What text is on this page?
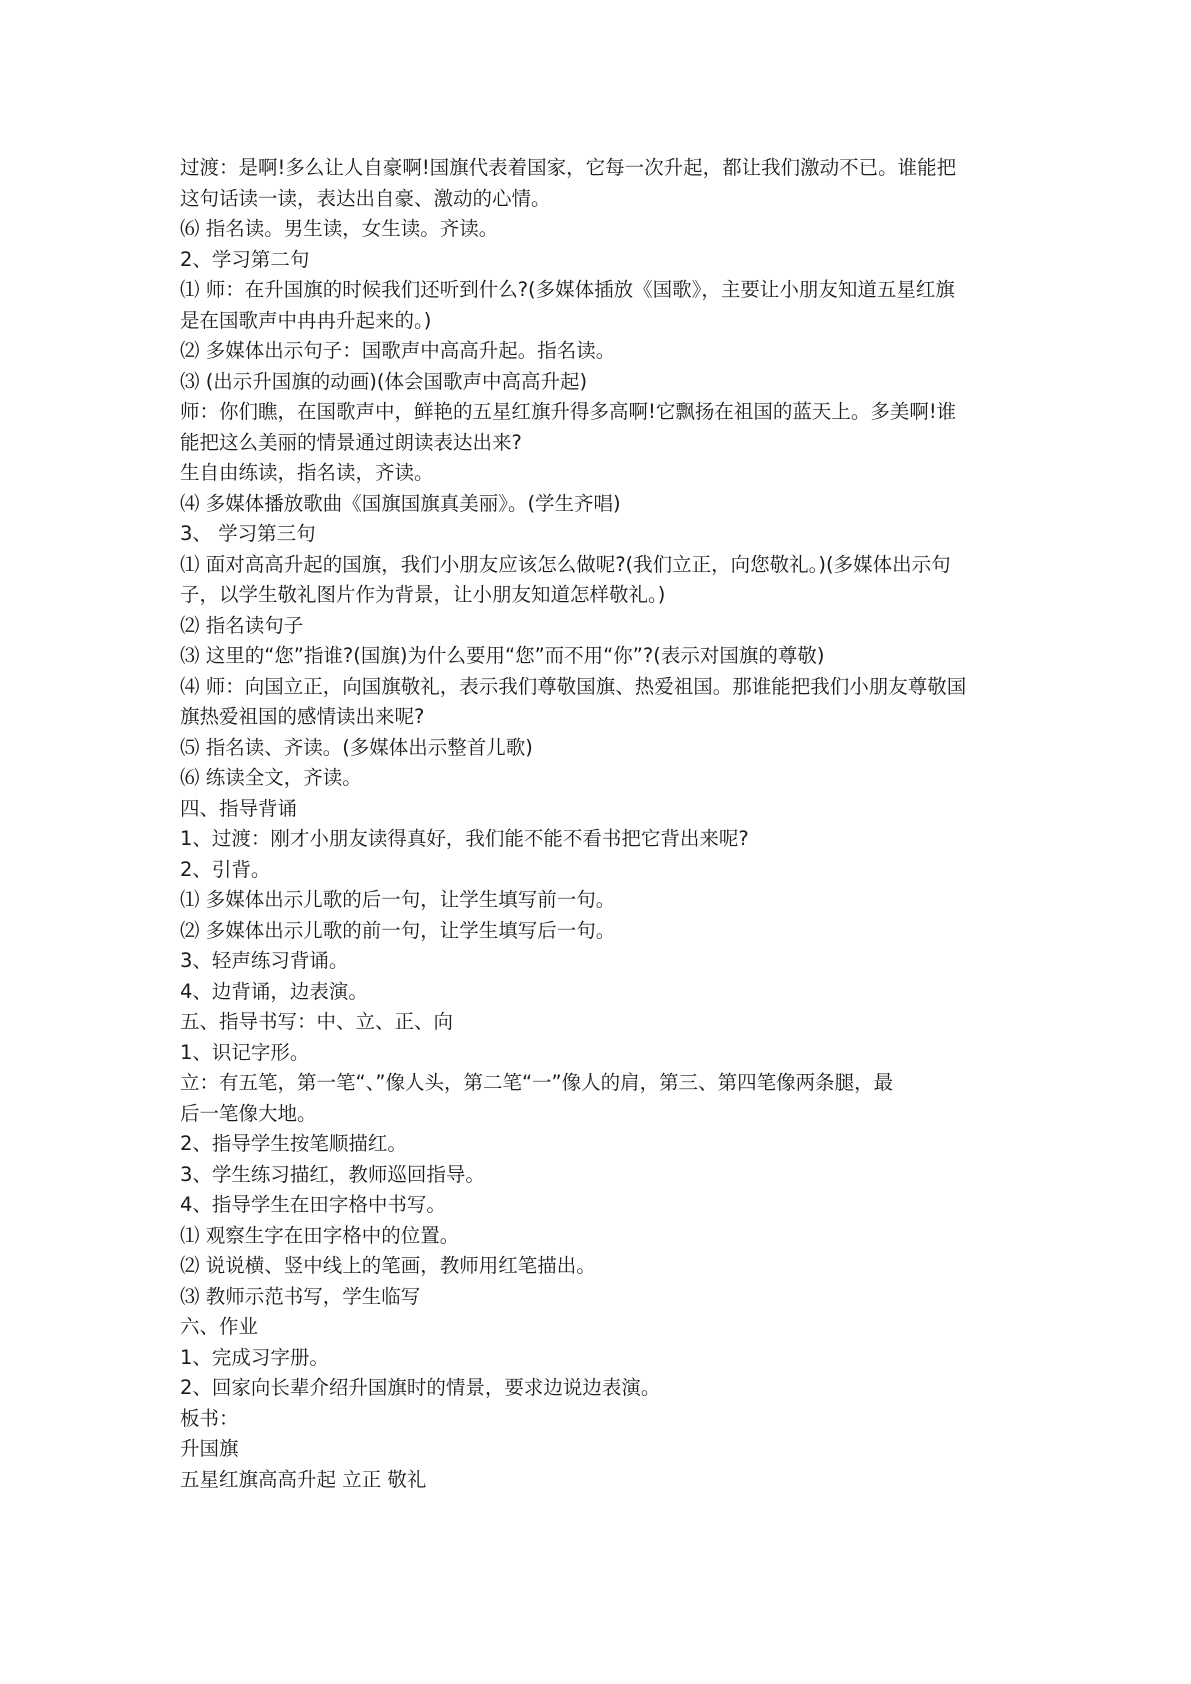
过渡：是啊!多么让人自豪啊!国旗代表着国家，它每一次升起，都让我们激动不已。谁能把
这句话读一读，表达出自豪、激动的心情。
⑹ 指名读。男生读，女生读。齐读。
2、学习第二句
⑴ 师：在升国旗的时候我们还听到什么?(多媒体插放《国歌》，主要让小朋友知道五星红旗
是在国歌声中冉冉升起来的。)
⑵ 多媒体出示句子：国歌声中高高升起。指名读。
⑶ (出示升国旗的动画)(体会国歌声中高高升起)
师：你们瞧，在国歌声中，鲜艳的五星红旗升得多高啊!它飘扬在祖国的蓝天上。多美啊!谁
能把这么美丽的情景通过朗读表达出来?
生自由练读，指名读，齐读。
⑷ 多媒体播放歌曲《国旗国旗真美丽》。(学生齐唱)
3、 学习第三句
⑴ 面对高高升起的国旗，我们小朋友应该怎么做呢?(我们立正，向您敬礼。)(多媒体出示句
子，以学生敬礼图片作为背景，让小朋友知道怎样敬礼。)
⑵ 指名读句子
⑶ 这里的“您”指谁?(国旗)为什么要用“您”而不用“你”?(表示对国旗的尊敬)
⑷ 师：向国立正，向国旗敬礼，表示我们尊敬国旗、热爱祖国。那谁能把我们小朋友尊敬国
旗热爱祖国的感情读出来呢?
⑸ 指名读、齐读。(多媒体出示整首儿歌)
⑹ 练读全文，齐读。
四、指导背诵
1、过渡：刚才小朋友读得真好，我们能不能不看书把它背出来呢?
2、引背。
⑴ 多媒体出示儿歌的后一句，让学生填写前一句。
⑵ 多媒体出示儿歌的前一句，让学生填写后一句。
3、轻声练习背诵。
4、边背诵，边表演。
五、指导书写：中、立、正、向
1、识记字形。
立：有五笔，第一笔“、”像人头，第二笔“一”像人的肩，第三、第四笔像两条腿，最
后一笔像大地。
2、指导学生按笔顺描红。
3、学生练习描红，教师巡回指导。
4、指导学生在田字格中书写。
⑴ 观察生字在田字格中的位置。
⑵ 说说横、竖中线上的笔画，教师用红笔描出。
⑶ 教师示范书写，学生临写
六、作业
1、完成习字册。
2、回家向长辈介绍升国旗时的情景，要求边说边表演。
板书：
升国旗
五星红旗高高升起 立正 敬礼
